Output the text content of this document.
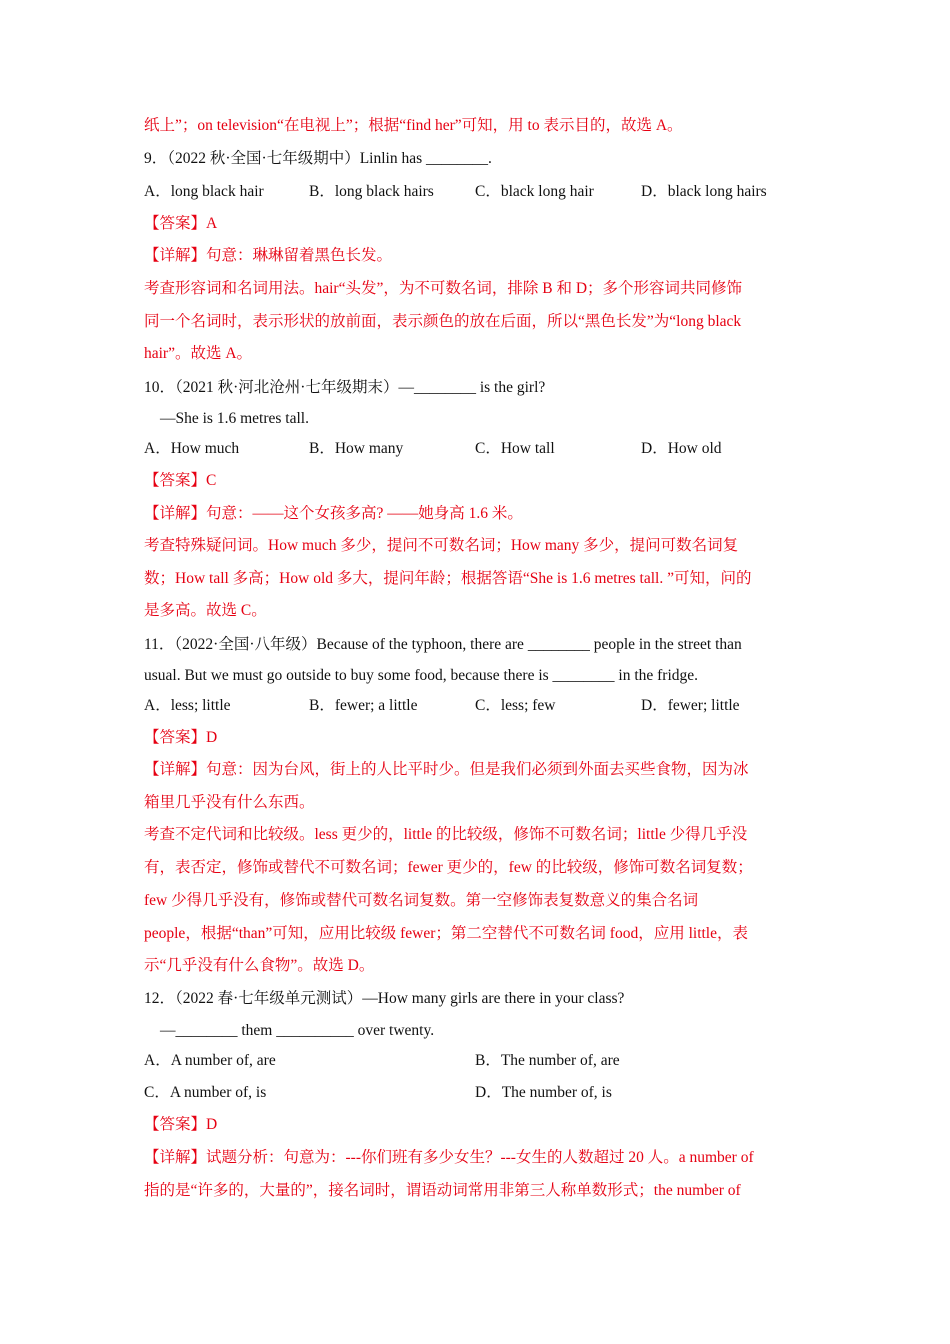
纸上”；on television“在电视上”；根据“find her”可知，用 to 表示目的，故选 A。
9．（2022 秋·全国·七年级期中）Linlin has ________.
A．long black hair	B．long black hairs	C．black long hair	D．black long hairs
【答案】A
【详解】句意：琳琳留着黑色长发。
考查形容词和名词用法。hair“头发”，为不可数名词，排除 B 和 D；多个形容词共同修饰
同一个名词时，表示形状的放前面，表示颜色的放在后面，所以“黑色长发”为“long black
hair”。故选 A。
10．（2021 秋·河北沧州·七年级期末）—________ is the girl?
—She is 1.6 metres tall.
A．How much	B．How many	C．How tall	D．How old
【答案】C
【详解】句意：——这个女孩多高? ——她身高 1.6 米。
考查特殊疑问词。How much 多少，提问不可数名词；How many 多少，提问可数名词复
数；How tall 多高；How old 多大，提问年龄；根据答语“She is 1.6 metres tall. ”可知，问的
是多高。故选 C。
11．（2022·全国·八年级）Because of the typhoon, there are ________ people in the street than
usual. But we must go outside to buy some food, because there is ________ in the fridge.
A．less; little	B．fewer; a little	C．less; few	D．fewer; little
【答案】D
【详解】句意：因为台风，街上的人比平时少。但是我们必须到外面去买些食物，因为冰
箱里几乎没有什么东西。
考查不定代词和比较级。less 更少的，little 的比较级，修饰不可数名词；little 少得几乎没
有，表否定，修饰或替代不可数名词；fewer 更少的，few 的比较级，修饰可数名词复数；
few 少得几乎没有，修饰或替代可数名词复数。第一空修饰表复数意义的集合名词
people，根据“than”可知，应用比较级 fewer；第二空替代不可数名词 food，应用 little，表
示“几乎没有什么食物”。故选 D。
12．（2022 春·七年级单元测试）—How many girls are there in your class?
—________ them __________ over twenty.
A．A number of, are	B．The number of, are
C．A number of, is	D．The number of, is
【答案】D
【详解】试题分析：句意为：---你们班有多少女生？---女生的人数超过 20 人。a number of
指的是“许多的，大量的”，接名词时，谓语动词常用非第三人称单数形式；the number of
